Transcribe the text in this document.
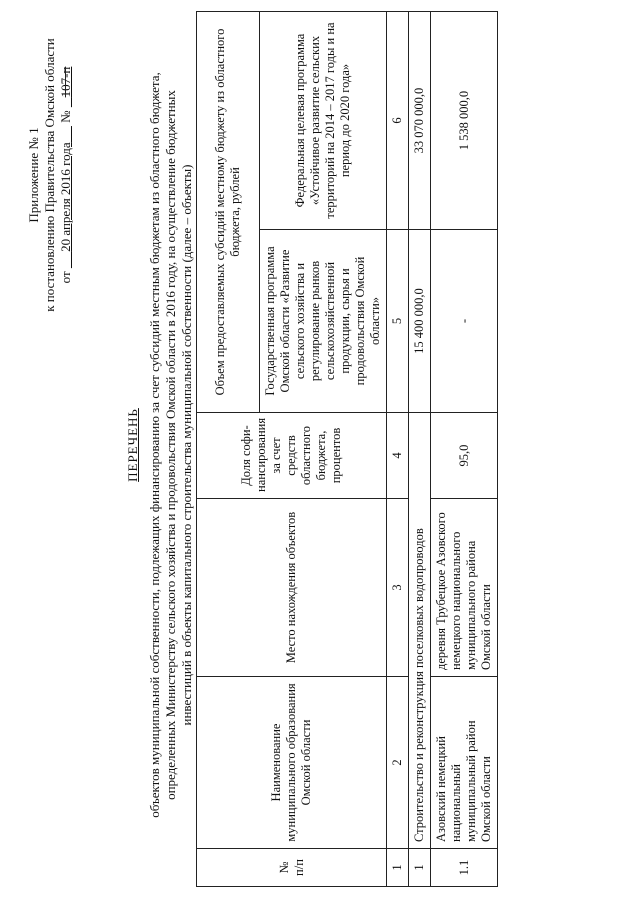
Приложение № 1 к постановлению Правительства Омской области от      20 апреля 2016 года      №    107-п
ПЕРЕЧЕНЬ объектов муниципальной собственности, подлежащих финансированию за счет субсидий местным бюджетам из областного бюджета, определенных Министерству сельского хозяйства и продовольствия Омской области в 2016 году, на осуществление бюджетных инвестиций в объекты капитального строительства муниципальной собственности (далее – объекты)
№ п/п	Наименование муниципального образования Омской области	Место нахождения объектов	Доля софи-нансирования за счет средств областного бюджета, процентов	Объем предоставляемых субсидий местному бюджету из областного бюджета, рублей	
				Государственная программа Омской области «Развитие сельского хозяйства и регулирование рынков сельскохозяйственной продукции, сырья и продовольствия Омской области»	Федеральная целевая программа «Устойчивое развитие сельских территорий на 2014 – 2017 годы и на период до 2020 года»
1	2	3	4	5	6
1	Строительство и реконструкция поселковых водопроводов			15 400 000,0	33 070 000,0
1.1	Азовский немецкий национальный муниципальный район Омской области	деревня Трубецкое Азовского немецкого национального муниципального района Омской области	95,0	-	1 538 000,0
